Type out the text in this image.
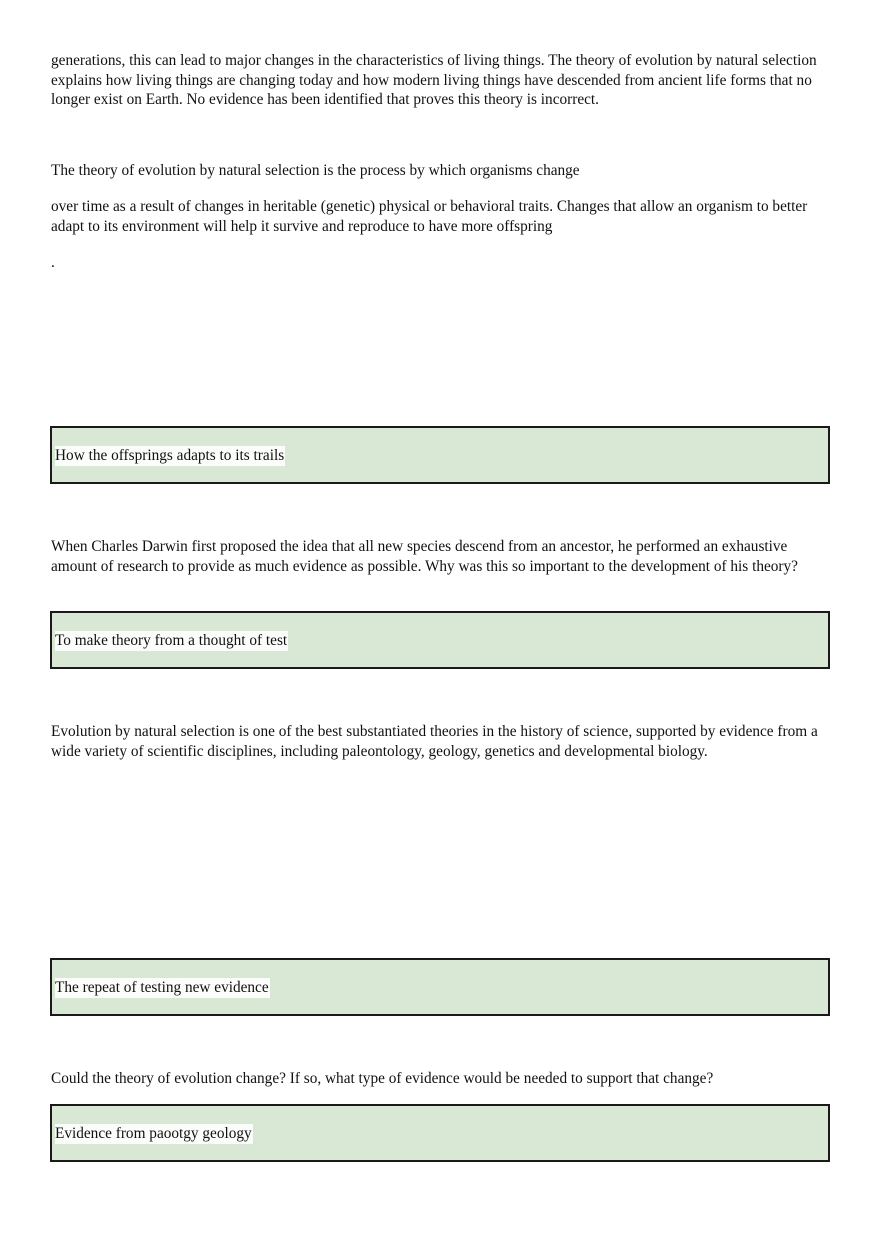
generations, this can lead to major changes in the characteristics of living things. The theory of evolution by natural selection explains how living things are changing today and how modern living things have descended from ancient life forms that no longer exist on Earth. No evidence has been identified that proves this theory is incorrect.

The theory of evolution by natural selection is the process by which organisms change

over time as a result of changes in heritable (genetic) physical or behavioral traits. Changes that allow an organism to better adapt to its environment will help it survive and reproduce to have more offspring

.

How the offsprings adapts to its trails

When Charles Darwin first proposed the idea that all new species descend from an ancestor, he performed an exhaustive amount of research to provide as much evidence as possible. Why was this so important to the development of his theory?

To make theory from a thought of test

Evolution by natural selection is one of the best substantiated theories in the history of science, supported by evidence from a wide variety of scientific disciplines, including paleontology, geology, genetics and developmental biology.

The repeat of testing new evidence

Could the theory of evolution change? If so, what type of evidence would be needed to support that change?

Evidence from paootgy geology
